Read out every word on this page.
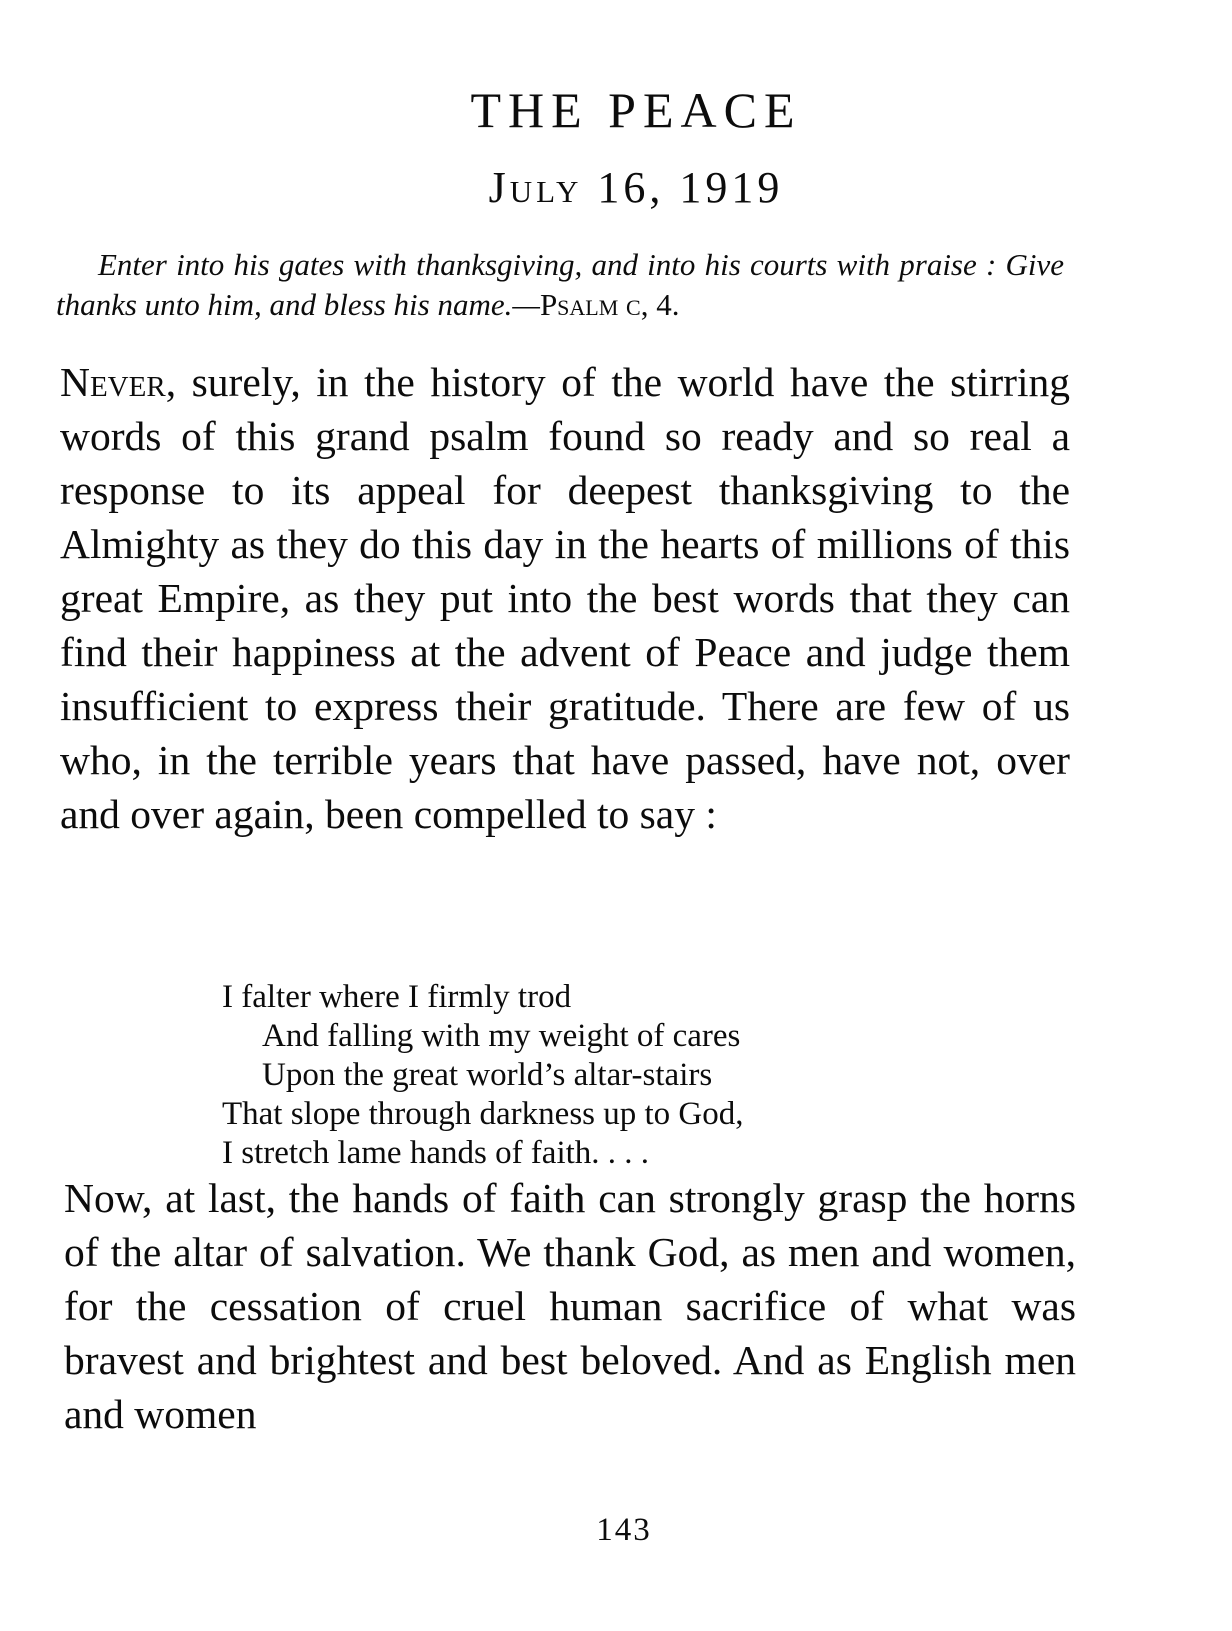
THE PEACE
July 16, 1919
Enter into his gates with thanksgiving, and into his courts with praise : Give thanks unto him, and bless his name.—Psalm c, 4.
Never, surely, in the history of the world have the stirring words of this grand psalm found so ready and so real a response to its appeal for deepest thanksgiving to the Almighty as they do this day in the hearts of millions of this great Empire, as they put into the best words that they can find their happiness at the advent of Peace and judge them insufficient to express their gratitude. There are few of us who, in the terrible years that have passed, have not, over and over again, been compelled to say :
I falter where I firmly trod
And falling with my weight of cares
Upon the great world’s altar-stairs
That slope through darkness up to God,
I stretch lame hands of faith. . . .
Now, at last, the hands of faith can strongly grasp the horns of the altar of salvation. We thank God, as men and women, for the cessation of cruel human sacrifice of what was bravest and brightest and best beloved. And as English men and women
143
